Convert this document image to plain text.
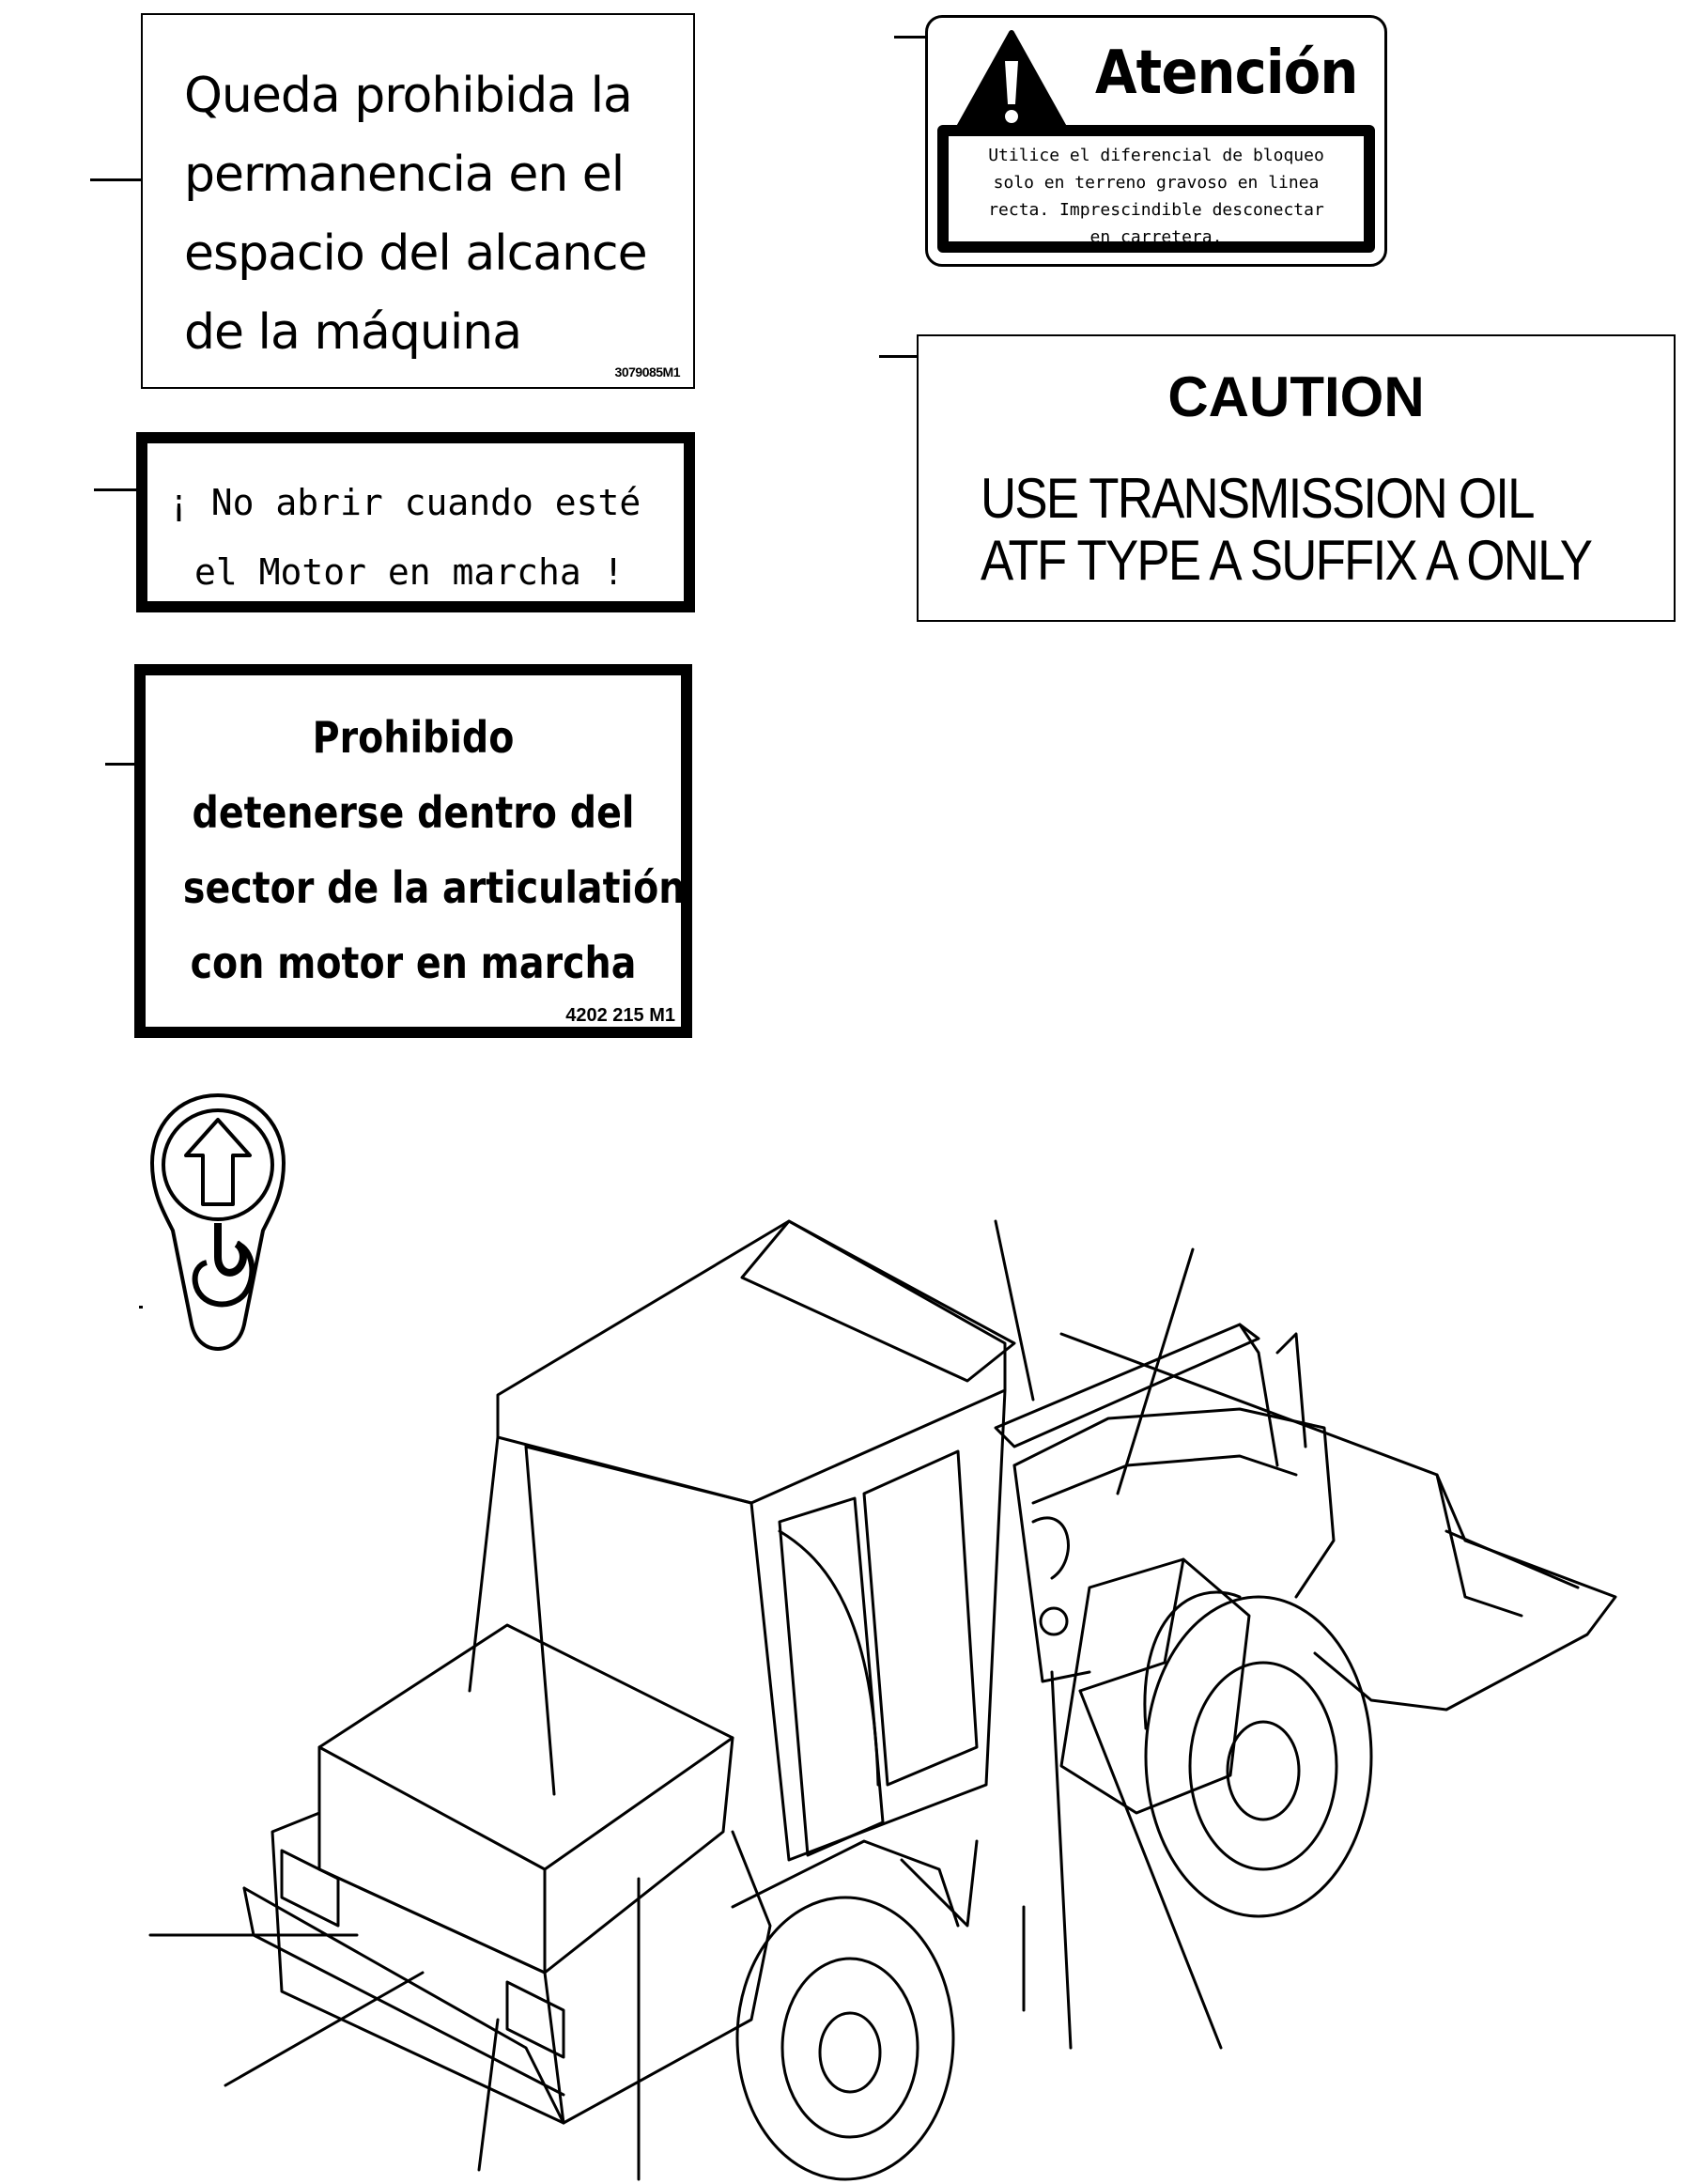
Queda prohibida la
permanencia en el
espacio del alcance
de la máquina
3079085M1
¡ No abrir cuando esté
el Motor en marcha !
Prohibido
detenerse dentro del
sector de la articulatión
con motor en marcha
4202 215 M1
Atención
Utilice el diferencial de bloqueo
solo en terreno gravoso en linea
recta. Imprescindible desconectar
en carretera.
CAUTION
USE TRANSMISSION OIL
ATF TYPE A SUFFIX A ONLY
